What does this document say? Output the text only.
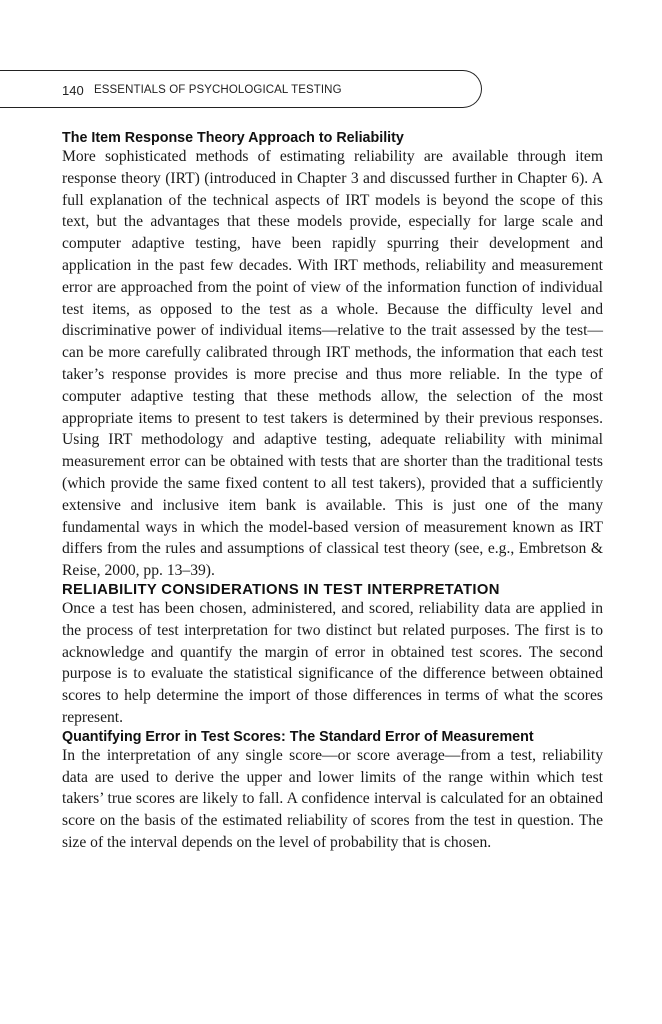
140 ESSENTIALS OF PSYCHOLOGICAL TESTING
The Item Response Theory Approach to Reliability

More sophisticated methods of estimating reliability are available through item response theory (IRT) (introduced in Chapter 3 and discussed further in Chapter 6). A full explanation of the technical aspects of IRT models is beyond the scope of this text, but the advantages that these models provide, especially for large scale and computer adaptive testing, have been rapidly spurring their development and application in the past few decades. With IRT methods, reliability and measurement error are approached from the point of view of the information function of individual test items, as opposed to the test as a whole. Because the difficulty level and discriminative power of individual items—relative to the trait assessed by the test—can be more carefully calibrated through IRT methods, the information that each test taker’s response provides is more precise and thus more reliable. In the type of computer adaptive testing that these methods allow, the selection of the most appropriate items to present to test takers is determined by their previous responses. Using IRT methodology and adaptive testing, adequate reliability with minimal measurement error can be obtained with tests that are shorter than the traditional tests (which provide the same fixed content to all test takers), provided that a sufficiently extensive and inclusive item bank is available. This is just one of the many fundamental ways in which the model-based version of measurement known as IRT differs from the rules and assumptions of classical test theory (see, e.g., Embretson & Reise, 2000, pp. 13–39).

RELIABILITY CONSIDERATIONS IN TEST INTERPRETATION

Once a test has been chosen, administered, and scored, reliability data are applied in the process of test interpretation for two distinct but related purposes. The first is to acknowledge and quantify the margin of error in obtained test scores. The second purpose is to evaluate the statistical significance of the difference between obtained scores to help determine the import of those differences in terms of what the scores represent.

Quantifying Error in Test Scores: The Standard Error of Measurement

In the interpretation of any single score—or score average—from a test, reliability data are used to derive the upper and lower limits of the range within which test takers’ true scores are likely to fall. A confidence interval is calculated for an obtained score on the basis of the estimated reliability of scores from the test in question. The size of the interval depends on the level of probability that is chosen.
